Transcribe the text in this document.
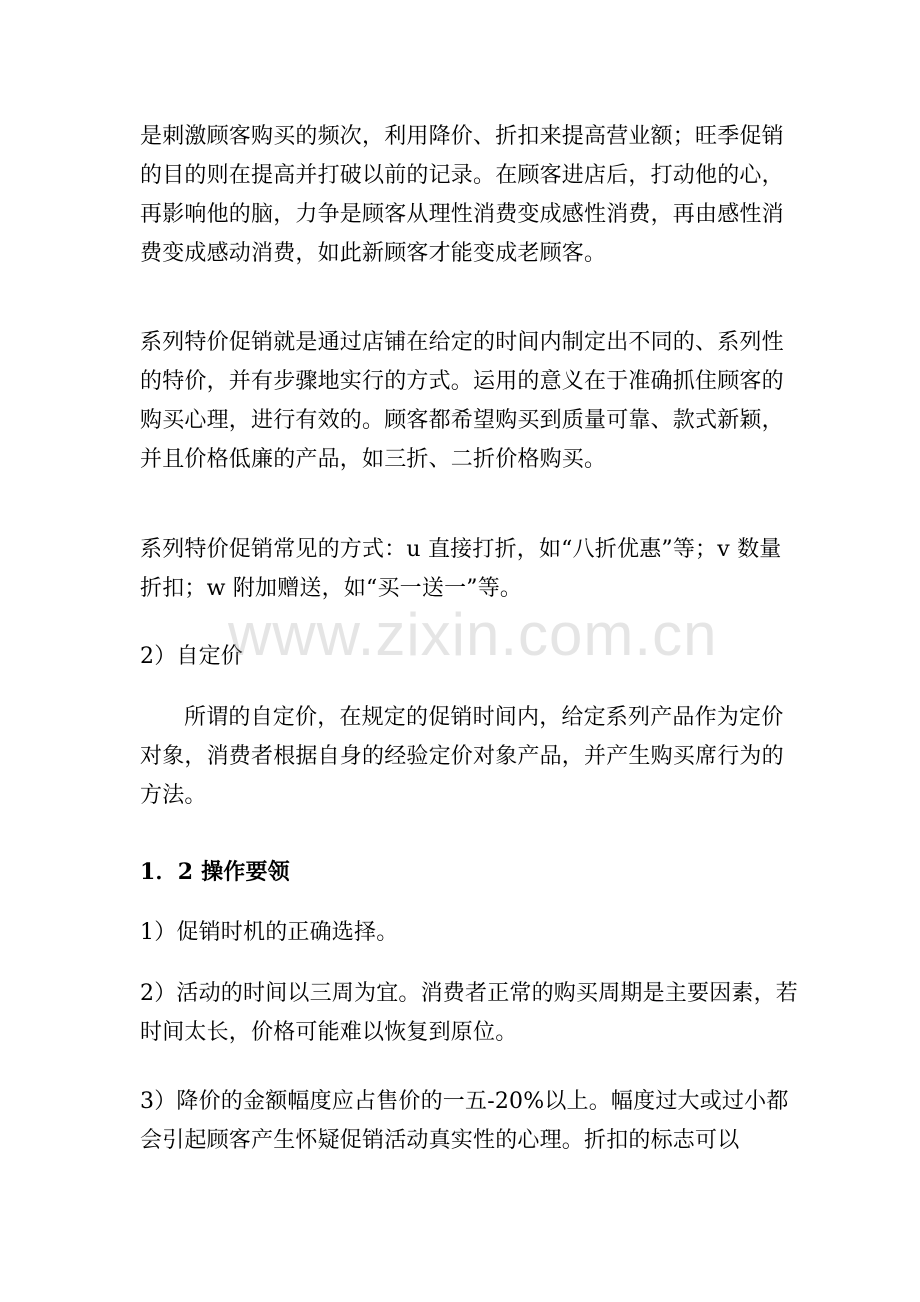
是刺激顾客购买的频次，利用降价、折扣来提高营业额；旺季促销的目的则在提高并打破以前的记录。在顾客进店后，打动他的心，再影响他的脑，力争是顾客从理性消费变成感性消费，再由感性消费变成感动消费，如此新顾客才能变成老顾客。

系列特价促销就是通过店铺在给定的时间内制定出不同的、系列性的特价，并有步骤地实行的方式。运用的意义在于准确抓住顾客的购买心理，进行有效的。顾客都希望购买到质量可靠、款式新颖，并且价格低廉的产品，如三折、二折价格购买。

系列特价促销常见的方式：u 直接打折，如“八折优惠”等；v 数量折扣；w 附加赠送，如“买一送一”等。

2）自定价

所谓的自定价，在规定的促销时间内，给定系列产品作为定价对象，消费者根据自身的经验定价对象产品，并产生购买席行为的方法。

1．2 操作要领

1）促销时机的正确选择。

2）活动的时间以三周为宜。消费者正常的购买周期是主要因素，若时间太长，价格可能难以恢复到原位。

3）降价的金额幅度应占售价的一五-20%以上。幅度过大或过小都会引起顾客产生怀疑促销活动真实性的心理。折扣的标志可以

www.zixin.com.cn
